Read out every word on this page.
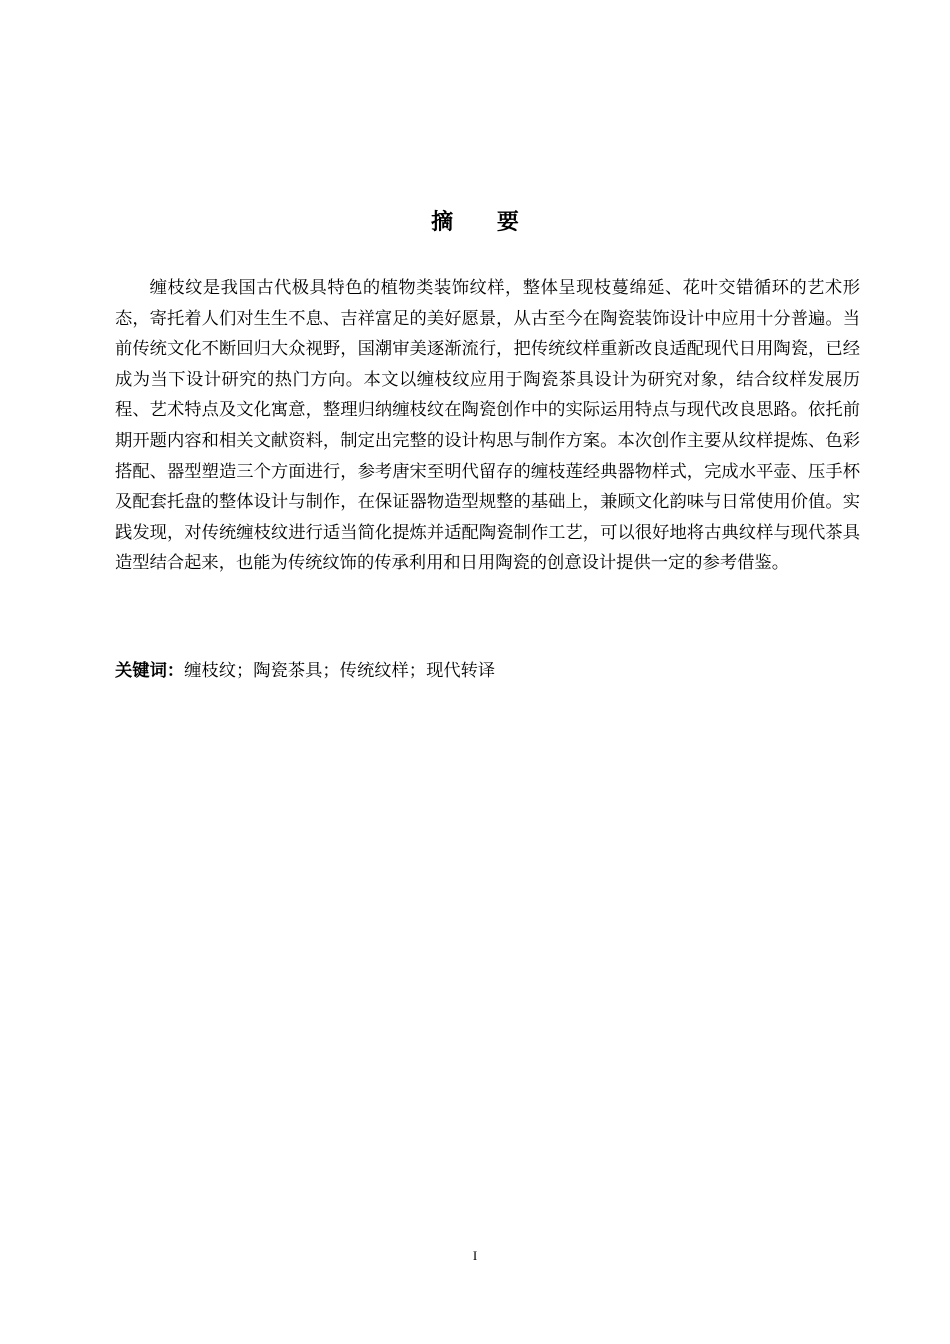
摘 要

缠枝纹是我国古代极具特色的植物类装饰纹样，整体呈现枝蔓绵延、花叶交错循环的艺术形态，寄托着人们对生生不息、吉祥富足的美好愿景，从古至今在陶瓷装饰设计中应用十分普遍。当前传统文化不断回归大众视野，国潮审美逐渐流行，把传统纹样重新改良适配现代日用陶瓷，已经成为当下设计研究的热门方向。本文以缠枝纹应用于陶瓷茶具设计为研究对象，结合纹样发展历程、艺术特点及文化寓意，整理归纳缠枝纹在陶瓷创作中的实际运用特点与现代改良思路。依托前期开题内容和相关文献资料，制定出完整的设计构思与制作方案。本次创作主要从纹样提炼、色彩搭配、器型塑造三个方面进行，参考唐宋至明代留存的缠枝莲经典器物样式，完成水平壶、压手杯及配套托盘的整体设计与制作，在保证器物造型规整的基础上，兼顾文化韵味与日常使用价值。实践发现，对传统缠枝纹进行适当简化提炼并适配陶瓷制作工艺，可以很好地将古典纹样与现代茶具造型结合起来，也能为传统纹饰的传承利用和日用陶瓷的创意设计提供一定的参考借鉴。

关键词：缠枝纹；陶瓷茶具；传统纹样；现代转译

I
